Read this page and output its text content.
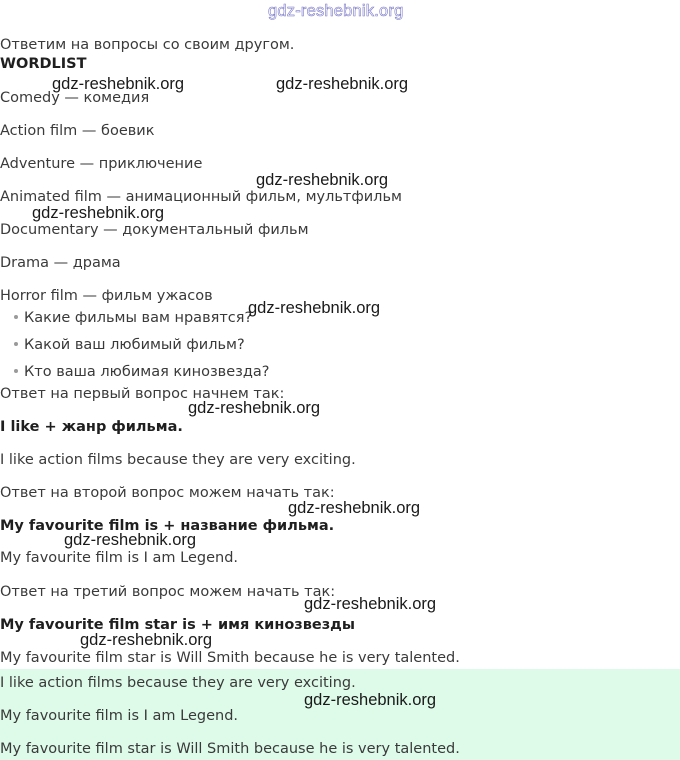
gdz-reshebnik.org
Ответим на вопросы со своим другом.
WORDLIST
Comedy — комедия
Action film — боевик
Adventure — приключение
Animated film — анимационный фильм, мультфильм
Documentary — документальный фильм
Drama — драма
Horror film — фильм ужасов
Какие фильмы вам нравятся?
Какой ваш любимый фильм?
Кто ваша любимая кинозвезда?
Ответ на первый вопрос начнем так:
I like + жанр фильма.
I like action films because they are very exciting.
Ответ на второй вопрос можем начать так:
My favourite film is + название фильма.
My favourite film is I am Legend.
Ответ на третий вопрос можем начать так:
My favourite film star is + имя кинозвезды
My favourite film star is Will Smith because he is very talented.
I like action films because they are very exciting.
My favourite film is I am Legend.
My favourite film star is Will Smith because he is very talented.
gdz-reshebnik.org	gdz-reshebnik.org
gdz-reshebnik.org
gdz-reshebnik.org
gdz-reshebnik.org
gdz-reshebnik.org
gdz-reshebnik.org
gdz-reshebnik.org
gdz-reshebnik.org
gdz-reshebnik.org
gdz-reshebnik.org
